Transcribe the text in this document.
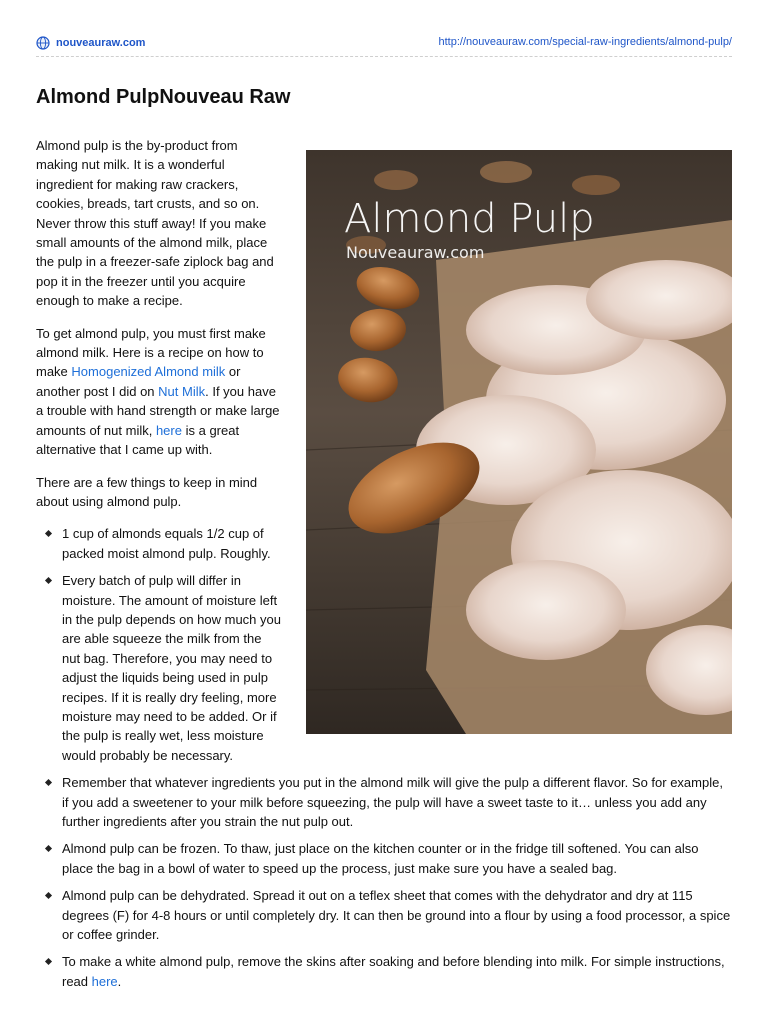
nouveauraw.com	http://nouveauraw.com/special-raw-ingredients/almond-pulp/
Almond PulpNouveau Raw
Almond Pulp
Nouveauraw.com

Almond pulp is the by-product from making nut milk. It is a wonderful ingredient for making raw crackers, cookies, breads, tart crusts, and so on. Never throw this stuff away! If you make small amounts of the almond milk, place the pulp in a freezer-safe ziplock bag and pop it in the freezer until you acquire enough to make a recipe.

To get almond pulp, you must first make almond milk. Here is a recipe on how to make Homogenized Almond milk or another post I did on Nut Milk. If you have a trouble with hand strength or make large amounts of nut milk, here is a great alternative that I came up with.

There are a few things to keep in mind about using almond pulp.

1 cup of almonds equals 1/2 cup of packed moist almond pulp. Roughly.
Every batch of pulp will differ in moisture. The amount of moisture left in the pulp depends on how much you are able squeeze the milk from the nut bag. Therefore, you may need to adjust the liquids being used in pulp recipes. If it is really dry feeling, more moisture may need to be added. Or if the pulp is really wet, less moisture would probably be necessary.
Remember that whatever ingredients you put in the almond milk will give the pulp a different flavor. So for example, if you add a sweetener to your milk before squeezing, the pulp will have a sweet taste to it… unless you add any further ingredients after you strain the nut pulp out.
Almond pulp can be frozen. To thaw, just place on the kitchen counter or in the fridge till softened. You can also place the bag in a bowl of water to speed up the process, just make sure you have a sealed bag.
Almond pulp can be dehydrated. Spread it out on a teflex sheet that comes with the dehydrator and dry at 115 degrees (F) for 4-8 hours or until completely dry. It can then be ground into a flour by using a food processor, a spice or coffee grinder.
To make a white almond pulp, remove the skins after soaking and before blending into milk. For simple instructions, read here.
